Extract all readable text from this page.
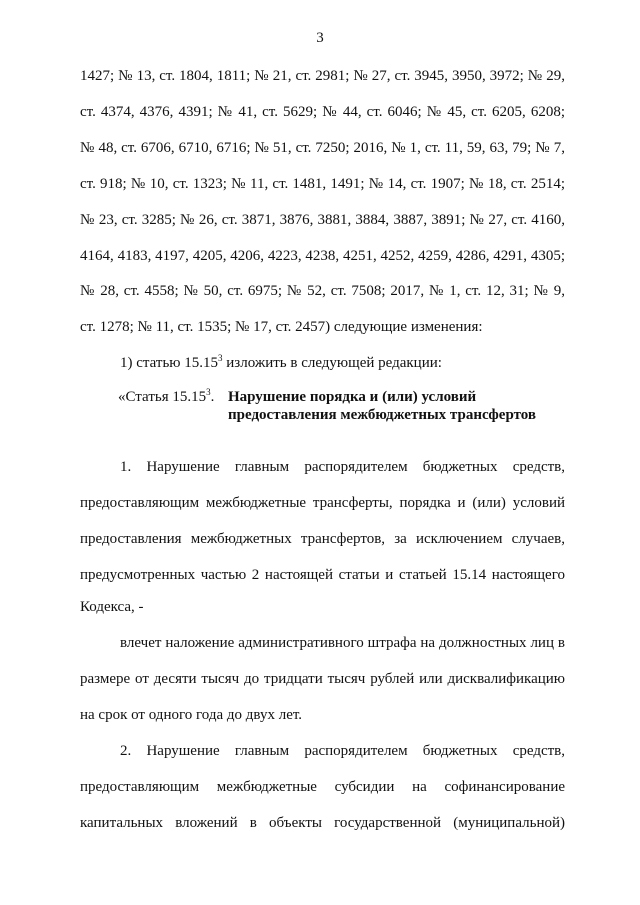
3
1427; № 13, ст. 1804, 1811; № 21, ст. 2981; № 27, ст. 3945, 3950, 3972; № 29,
ст. 4374, 4376, 4391; № 41, ст. 5629; № 44, ст. 6046; № 45, ст. 6205, 6208;
№ 48, ст. 6706, 6710, 6716; № 51, ст. 7250; 2016, № 1, ст. 11, 59, 63, 79; № 7,
ст. 918; № 10, ст. 1323; № 11, ст. 1481, 1491; № 14, ст. 1907; № 18, ст. 2514;
№ 23, ст. 3285; № 26, ст. 3871, 3876, 3881, 3884, 3887, 3891; № 27, ст. 4160,
4164, 4183, 4197, 4205, 4206, 4223, 4238, 4251, 4252, 4259, 4286, 4291, 4305;
№ 28, ст. 4558; № 50, ст. 6975; № 52, ст. 7508; 2017, № 1, ст. 12, 31; № 9,
ст. 1278; № 11, ст. 1535; № 17, ст. 2457) следующие изменения:
1) статью 15.15$^3$ изложить в следующей редакции:
«Статья 15.15$^3$. Нарушение порядка и (или) условий
предоставления межбюджетных трансфертов
1. Нарушение главным распорядителем бюджетных средств,
предоставляющим межбюджетные трансферты, порядка и (или) условий
предоставления межбюджетных трансфертов, за исключением случаев,
предусмотренных частью 2 настоящей статьи и статьей 15.14 настоящего
Кодекса, -
влечет наложение административного штрафа на должностных лиц в
размере от десяти тысяч до тридцати тысяч рублей или дисквалификацию
на срок от одного года до двух лет.
2. Нарушение главным распорядителем бюджетных средств,
предоставляющим межбюджетные субсидии на софинансирование
капитальных вложений в объекты государственной (муниципальной)
